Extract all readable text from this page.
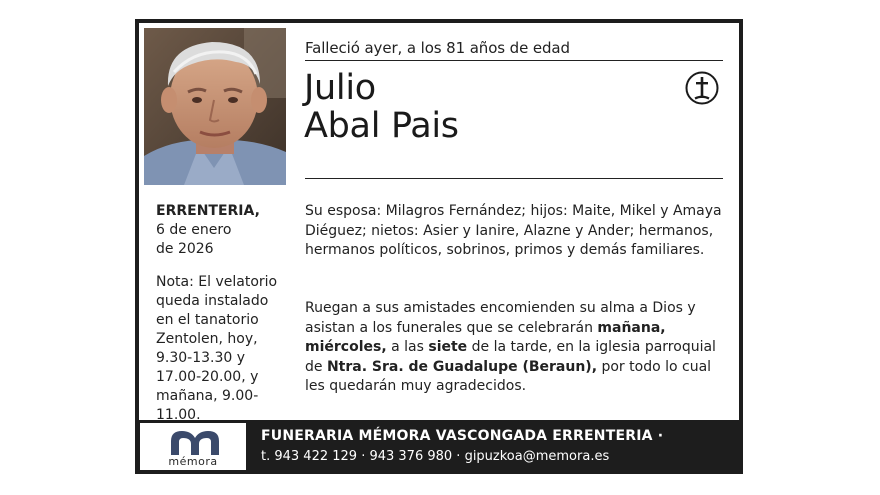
ERRENTERIA,
6 de enero
de 2026
Nota: El velatorio queda instalado en el tanatorio Zentolen, hoy, 9.30-13.30 y 17.00-20.00, y mañana, 9.00-11.00.
Falleció ayer, a los 81 años de edad
Julio
Abal Pais
Su esposa: Milagros Fernández; hijos: Maite, Mikel y Amaya Diéguez; nietos: Asier y Ianire, Alazne y Ander; hermanos, hermanos políticos, sobrinos, primos y demás familiares.
Ruegan a sus amistades encomienden su alma a Dios y asistan a los funerales que se celebrarán mañana, miércoles, a las siete de la tarde, en la iglesia parroquial de Ntra. Sra. de Guadalupe (Beraun), por todo lo cual les quedarán muy agradecidos.
mémora
FUNERARIA MÉMORA VASCONGADA ERRENTERIA ·
t. 943 422 129 · 943 376 980 · gipuzkoa@memora.es
